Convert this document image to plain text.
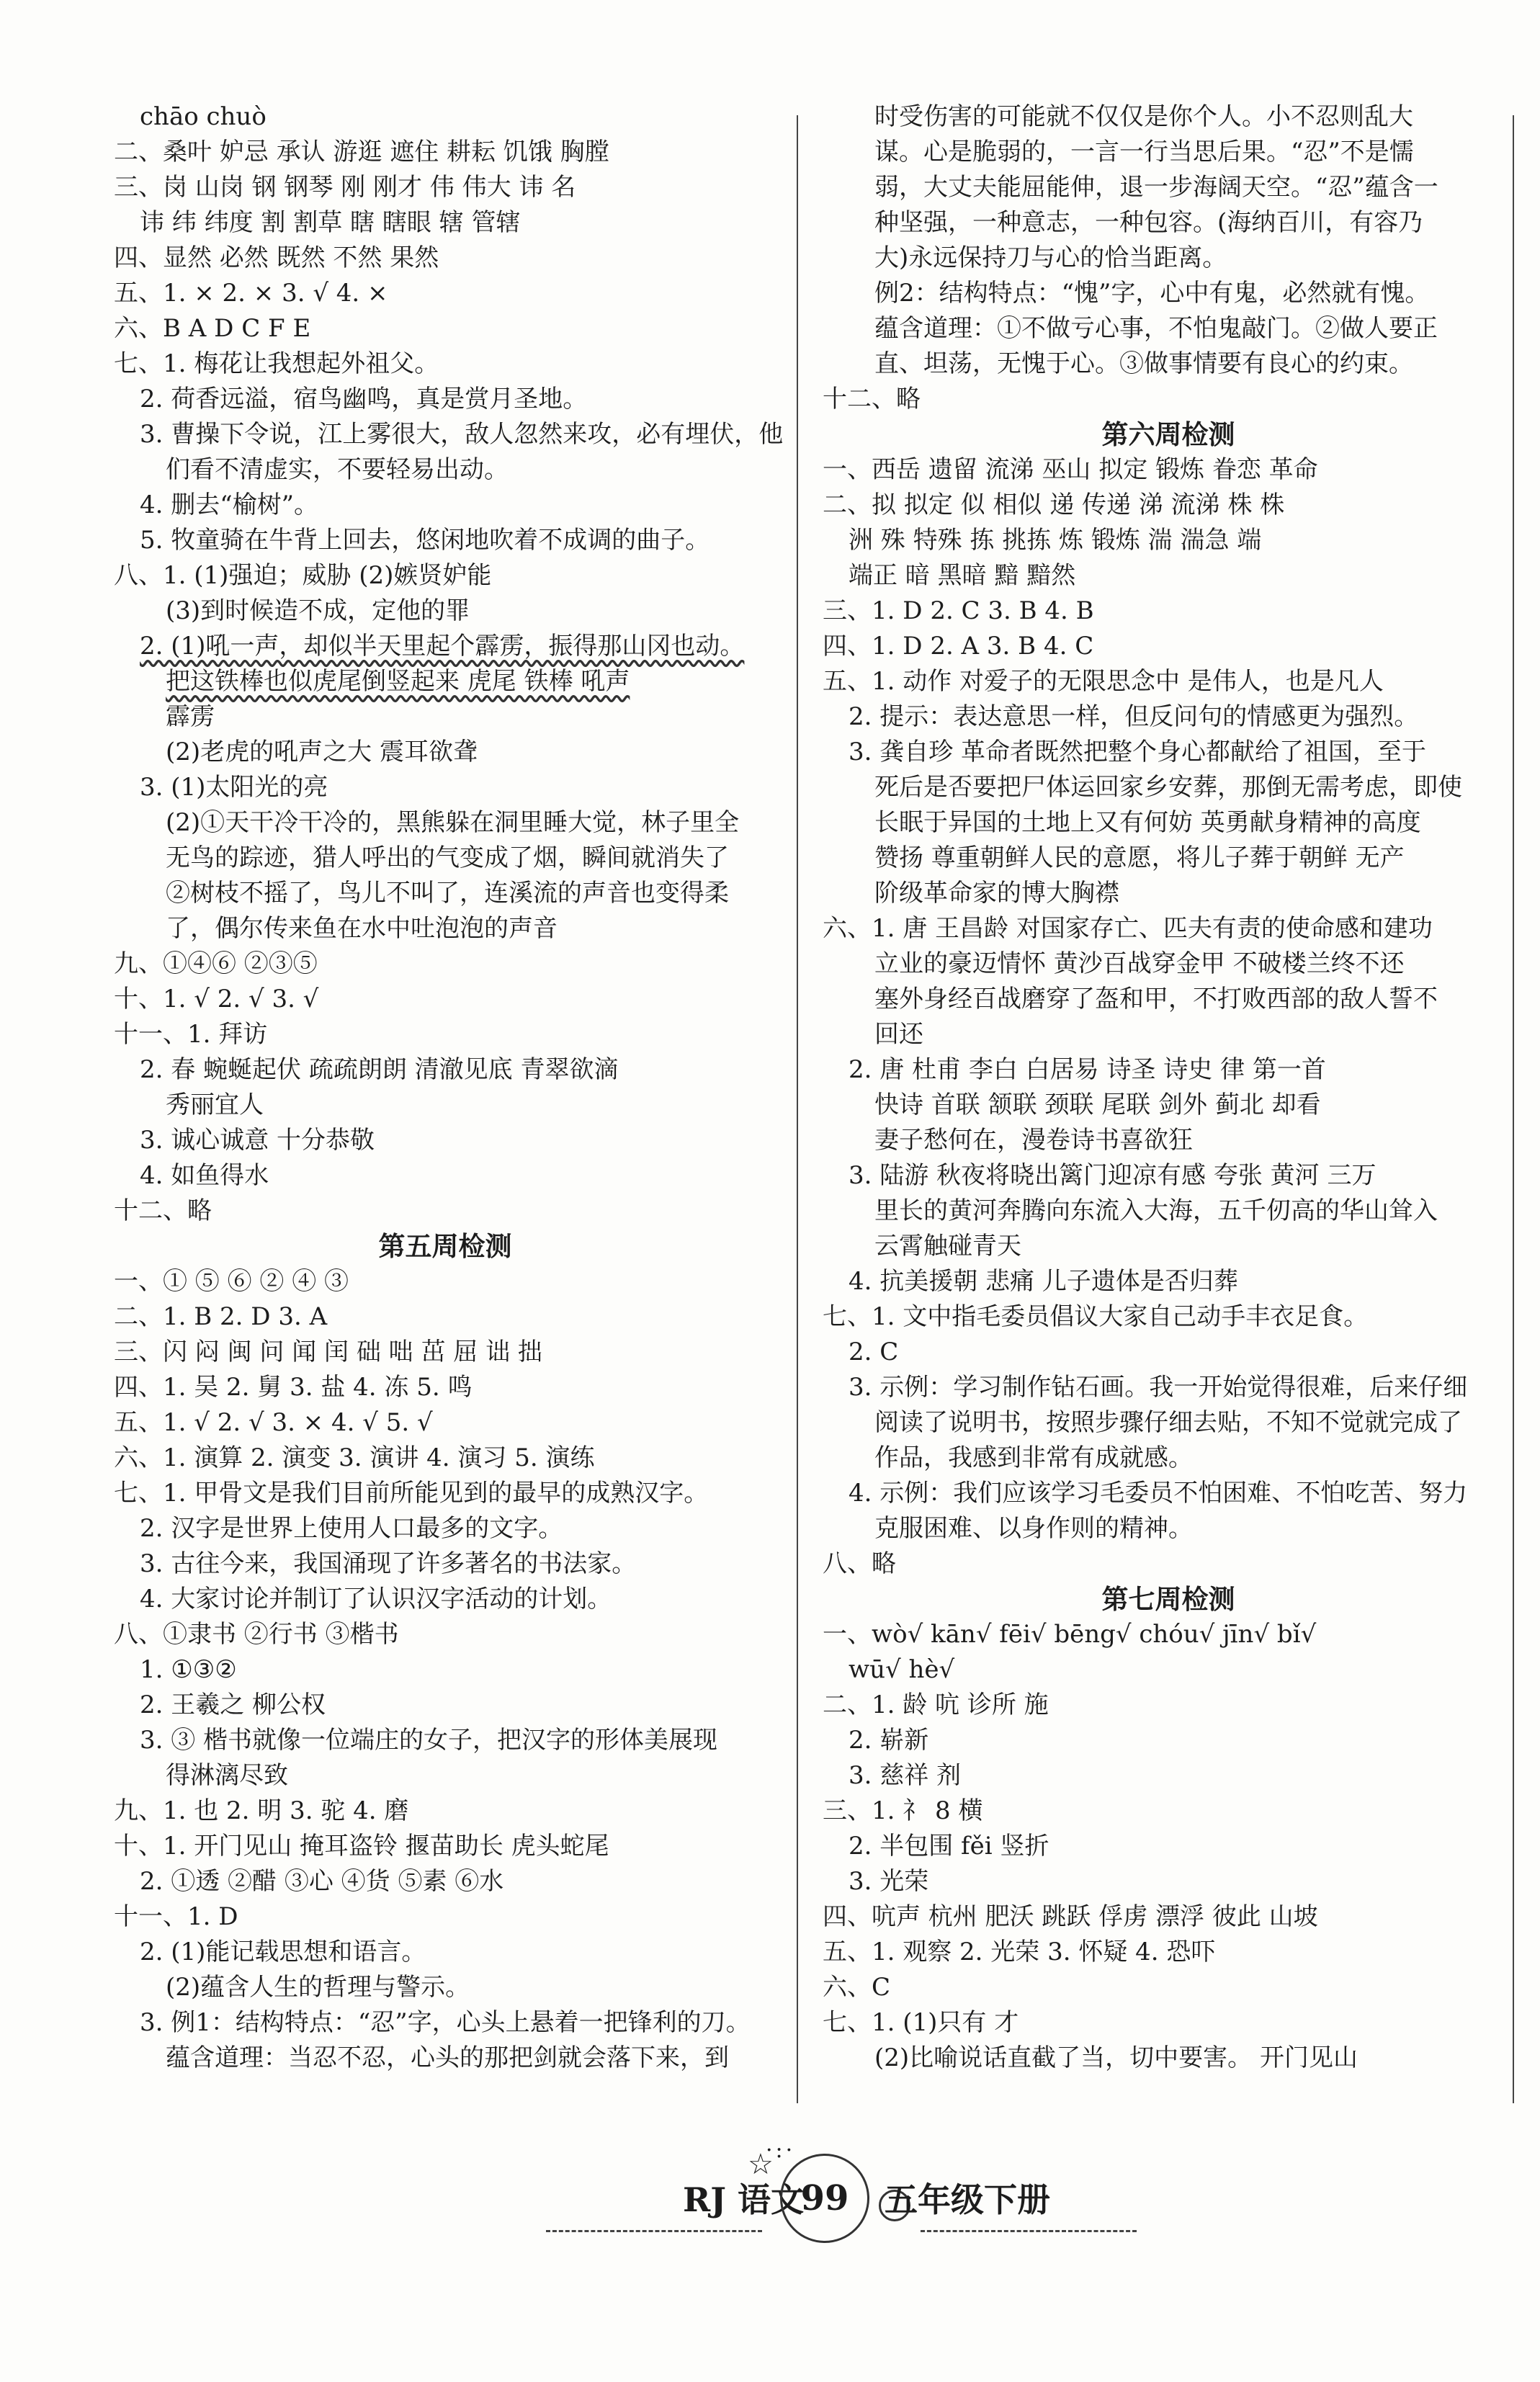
chāo chuò
二、桑叶 妒忌 承认 游逛 遮住 耕耘 饥饿 胸膛
三、岗 山岗 钢 钢琴 刚 刚才 伟 伟大 讳 名
讳 纬 纬度 割 割草 瞎 瞎眼 辖 管辖
四、显然 必然 既然 不然 果然
五、1. × 2. × 3. √ 4. ×
六、B A D C F E
七、1. 梅花让我想起外祖父。
2. 荷香远溢，宿鸟幽鸣，真是赏月圣地。
3. 曹操下令说，江上雾很大，敌人忽然来攻，必有埋伏，他
们看不清虚实，不要轻易出动。
4. 删去“榆树”。
5. 牧童骑在牛背上回去，悠闲地吹着不成调的曲子。
八、1. (1)强迫；威胁 (2)嫉贤妒能
(3)到时候造不成，定他的罪
2. (1)吼一声，却似半天里起个霹雳，振得那山冈也动。
把这铁棒也似虎尾倒竖起来 虎尾 铁棒 吼声
霹雳
(2)老虎的吼声之大 震耳欲聋
3. (1)太阳光的亮
(2)①天干冷干冷的，黑熊躲在洞里睡大觉，林子里全
无鸟的踪迹，猎人呼出的气变成了烟，瞬间就消失了
②树枝不摇了，鸟儿不叫了，连溪流的声音也变得柔
了，偶尔传来鱼在水中吐泡泡的声音
九、①④⑥ ②③⑤
十、1. √ 2. √ 3. √
十一、1. 拜访
2. 春 蜿蜒起伏 疏疏朗朗 清澈见底 青翠欲滴
秀丽宜人
3. 诚心诚意 十分恭敬
4. 如鱼得水
十二、略
第五周检测
一、① ⑤ ⑥ ② ④ ③
二、1. B 2. D 3. A
三、闪 闷 闽 问 闻 闰 础 咄 茁 屈 诎 拙
四、1. 吴 2. 舅 3. 盐 4. 冻 5. 鸣
五、1. √ 2. √ 3. × 4. √ 5. √
六、1. 演算 2. 演变 3. 演讲 4. 演习 5. 演练
七、1. 甲骨文是我们目前所能见到的最早的成熟汉字。
2. 汉字是世界上使用人口最多的文字。
3. 古往今来，我国涌现了许多著名的书法家。
4. 大家讨论并制订了认识汉字活动的计划。
八、①隶书 ②行书 ③楷书
1. ①③②
2. 王羲之 柳公权
3. ③ 楷书就像一位端庄的女子，把汉字的形体美展现
得淋漓尽致
九、1. 也 2. 明 3. 驼 4. 磨
十、1. 开门见山 掩耳盗铃 揠苗助长 虎头蛇尾
2. ①透 ②醋 ③心 ④货 ⑤素 ⑥水
十一、1. D
2. (1)能记载思想和语言。
(2)蕴含人生的哲理与警示。
3. 例1：结构特点：“忍”字，心头上悬着一把锋利的刀。
蕴含道理：当忍不忍，心头的那把剑就会落下来，到
时受伤害的可能就不仅仅是你个人。小不忍则乱大
谋。心是脆弱的，一言一行当思后果。“忍”不是懦
弱，大丈夫能屈能伸，退一步海阔天空。“忍”蕴含一
种坚强，一种意志，一种包容。(海纳百川，有容乃
大)永远保持刀与心的恰当距离。
例2：结构特点：“愧”字，心中有鬼，必然就有愧。
蕴含道理：①不做亏心事，不怕鬼敲门。②做人要正
直、坦荡，无愧于心。③做事情要有良心的约束。
十二、略
第六周检测
一、西岳 遗留 流涕 巫山 拟定 锻炼 眷恋 革命
二、拟 拟定 似 相似 递 传递 涕 流涕 株 株
洲 殊 特殊 拣 挑拣 炼 锻炼 湍 湍急 端
端正 暗 黑暗 黯 黯然
三、1. D 2. C 3. B 4. B
四、1. D 2. A 3. B 4. C
五、1. 动作 对爱子的无限思念中 是伟人，也是凡人
2. 提示：表达意思一样，但反问句的情感更为强烈。
3. 龚自珍 革命者既然把整个身心都献给了祖国，至于
死后是否要把尸体运回家乡安葬，那倒无需考虑，即使
长眠于异国的土地上又有何妨 英勇献身精神的高度
赞扬 尊重朝鲜人民的意愿，将儿子葬于朝鲜 无产
阶级革命家的博大胸襟
六、1. 唐 王昌龄 对国家存亡、匹夫有责的使命感和建功
立业的豪迈情怀 黄沙百战穿金甲 不破楼兰终不还
塞外身经百战磨穿了盔和甲，不打败西部的敌人誓不
回还
2. 唐 杜甫 李白 白居易 诗圣 诗史 律 第一首
快诗 首联 颔联 颈联 尾联 剑外 蓟北 却看
妻子愁何在，漫卷诗书喜欲狂
3. 陆游 秋夜将晓出篱门迎凉有感 夸张 黄河 三万
里长的黄河奔腾向东流入大海，五千仞高的华山耸入
云霄触碰青天
4. 抗美援朝 悲痛 儿子遗体是否归葬
七、1. 文中指毛委员倡议大家自己动手丰衣足食。
2. C
3. 示例：学习制作钻石画。我一开始觉得很难，后来仔细
阅读了说明书，按照步骤仔细去贴，不知不觉就完成了
作品，我感到非常有成就感。
4. 示例：我们应该学习毛委员不怕困难、不怕吃苦、努力
克服困难、以身作则的精神。
八、略
第七周检测
一、wò√ kān√ fēi√ bēng√ chóu√ jīn√ bǐ√
wū√ hè√
二、1. 龄 吭 诊所 施
2. 崭新
3. 慈祥 剂
三、1. 礻 8 横
2. 半包围 fěi 竖折
3. 光荣
四、吭声 杭州 肥沃 跳跃 俘虏 漂浮 彼此 山坡
五、1. 观察 2. 光荣 3. 怀疑 4. 恐吓
六、C
七、1. (1)只有 才
(2)比喻说话直截了当，切中要害。 开门见山
RJ 语文
·:·
☆
99	五年级下册
